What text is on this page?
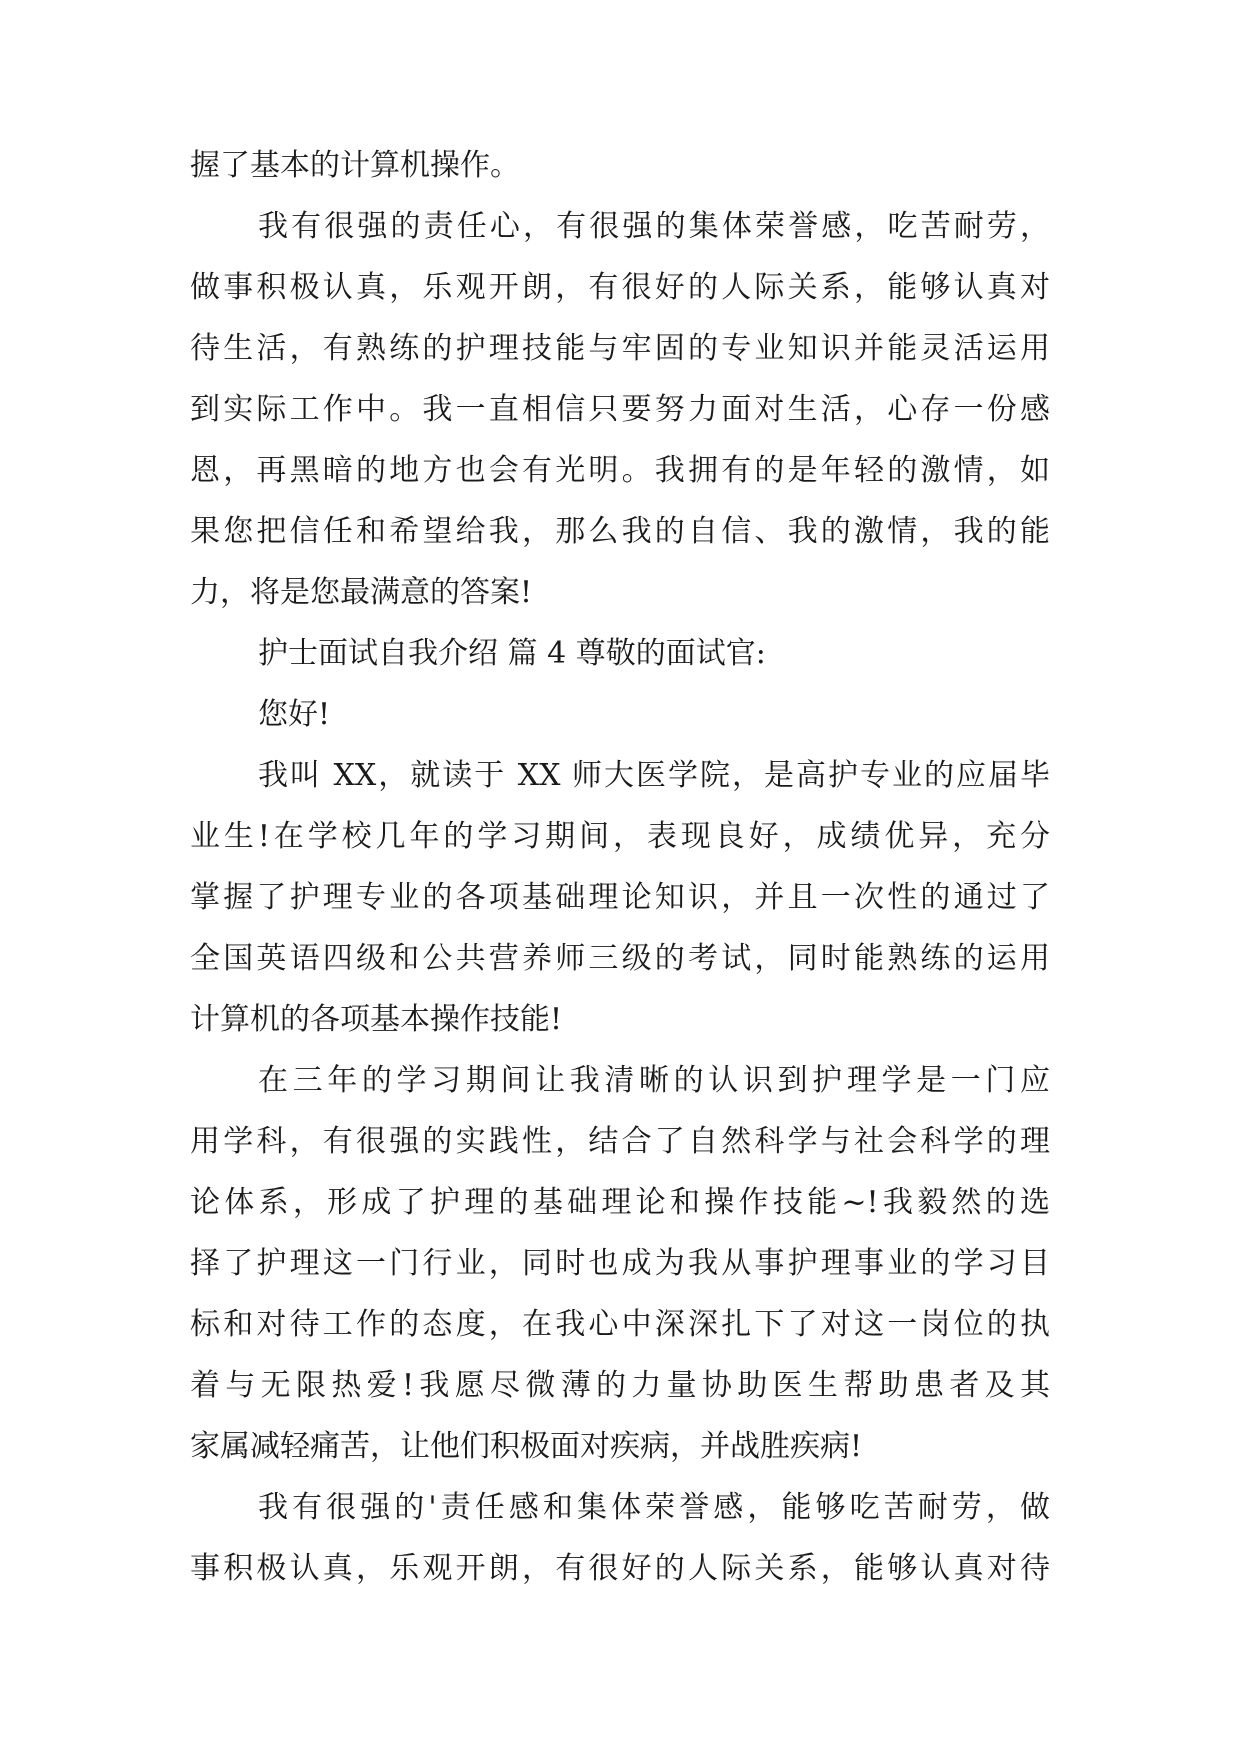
握了基本的计算机操作。

我有很强的责任心，有很强的集体荣誉感，吃苦耐劳，

做事积极认真，乐观开朗，有很好的人际关系，能够认真对

待生活，有熟练的护理技能与牢固的专业知识并能灵活运用

到实际工作中。我一直相信只要努力面对生活，心存一份感

恩，再黑暗的地方也会有光明。我拥有的是年轻的激情，如

果您把信任和希望给我，那么我的自信、我的激情，我的能

力，将是您最满意的答案!

护士面试自我介绍 篇 4 尊敬的面试官:

您好!

我叫 XX，就读于 XX 师大医学院，是高护专业的应届毕

业生!在学校几年的学习期间，表现良好，成绩优异，充分

掌握了护理专业的各项基础理论知识，并且一次性的通过了

全国英语四级和公共营养师三级的考试，同时能熟练的运用

计算机的各项基本操作技能!

在三年的学习期间让我清晰的认识到护理学是一门应

用学科，有很强的实践性，结合了自然科学与社会科学的理

论体系，形成了护理的基础理论和操作技能~!我毅然的选

择了护理这一门行业，同时也成为我从事护理事业的学习目

标和对待工作的态度，在我心中深深扎下了对这一岗位的执

着与无限热爱!我愿尽微薄的力量协助医生帮助患者及其

家属减轻痛苦，让他们积极面对疾病，并战胜疾病!

我有很强的'责任感和集体荣誉感，能够吃苦耐劳，做

事积极认真，乐观开朗，有很好的人际关系，能够认真对待
